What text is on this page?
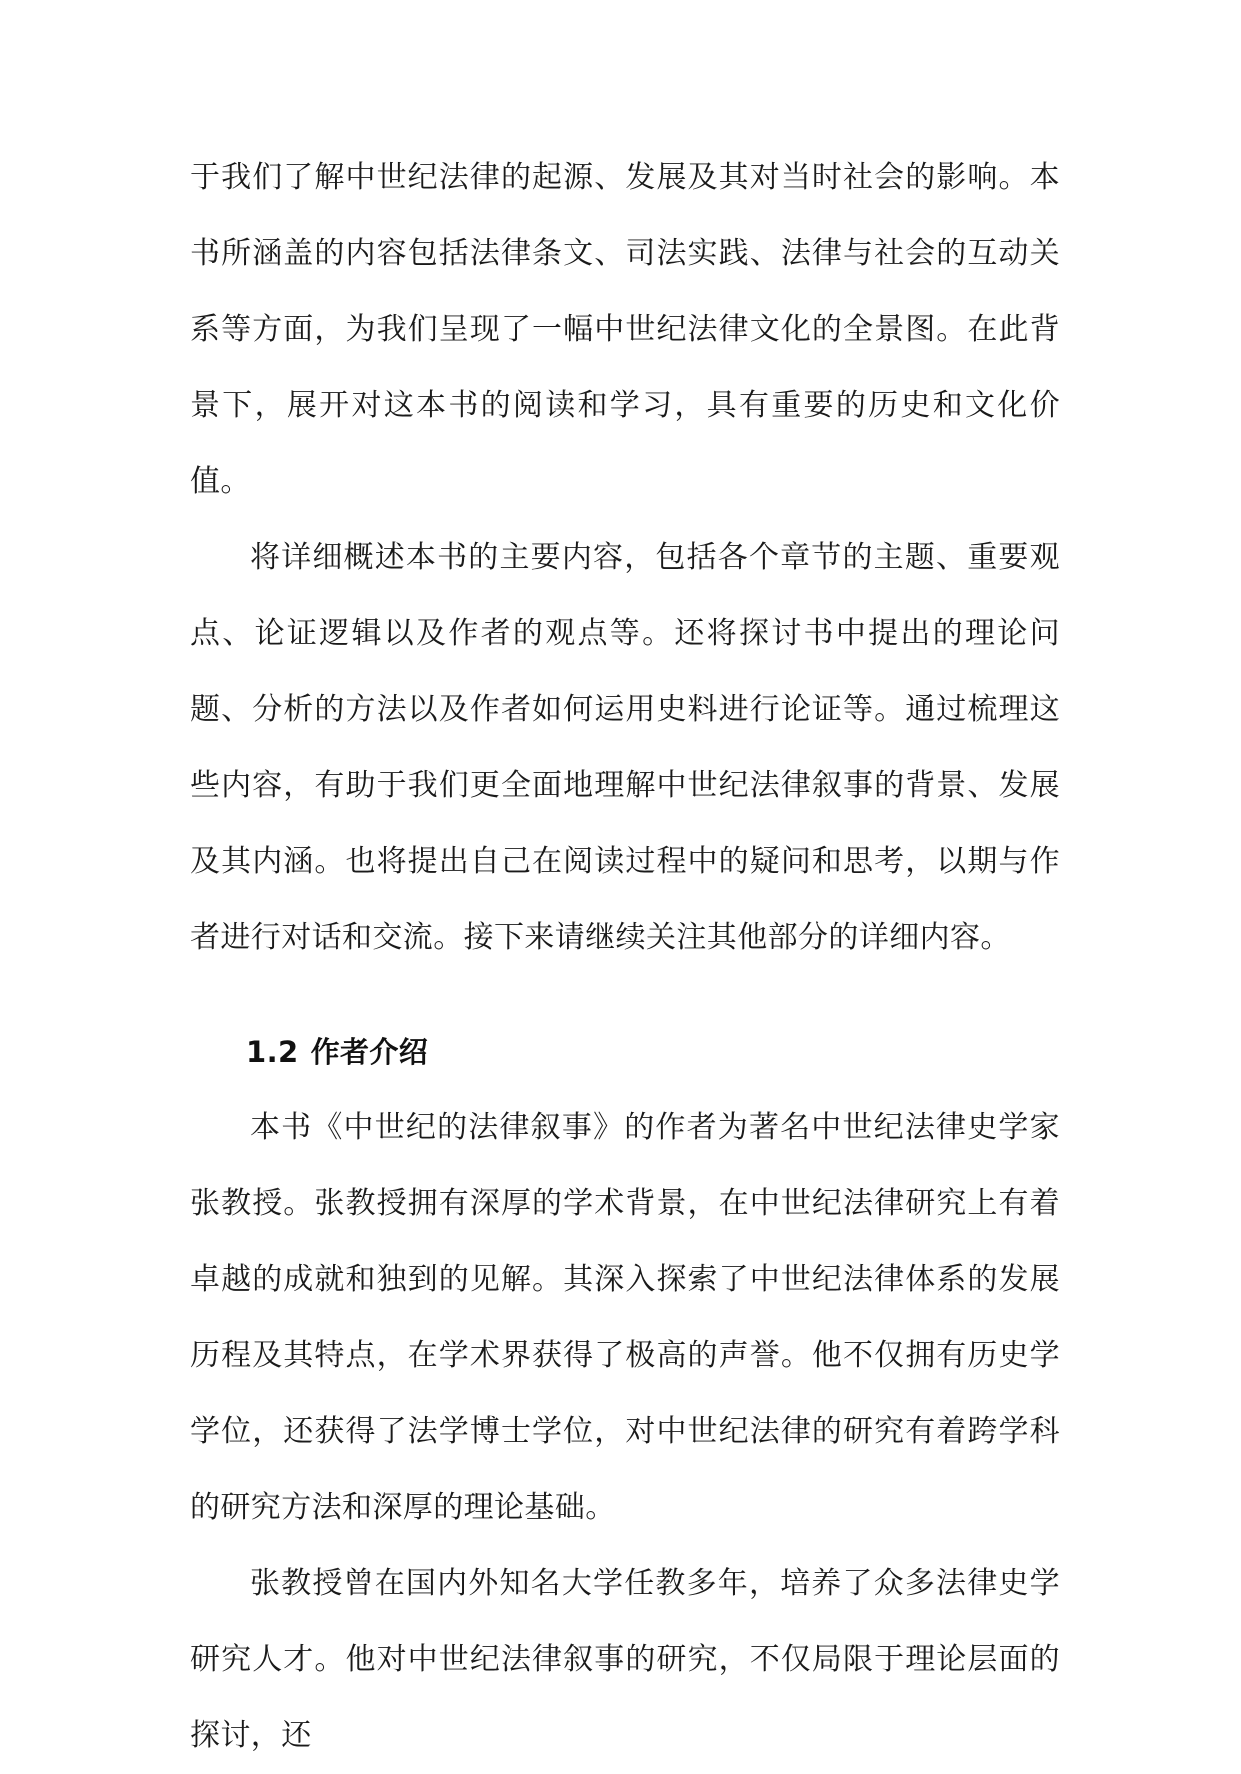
于我们了解中世纪法律的起源、发展及其对当时社会的影响。本书所涵盖的内容包括法律条文、司法实践、法律与社会的互动关系等方面，为我们呈现了一幅中世纪法律文化的全景图。在此背景下，展开对这本书的阅读和学习，具有重要的历史和文化价值。

将详细概述本书的主要内容，包括各个章节的主题、重要观点、论证逻辑以及作者的观点等。还将探讨书中提出的理论问题、分析的方法以及作者如何运用史料进行论证等。通过梳理这些内容，有助于我们更全面地理解中世纪法律叙事的背景、发展及其内涵。也将提出自己在阅读过程中的疑问和思考，以期与作者进行对话和交流。接下来请继续关注其他部分的详细内容。

1.2 作者介绍

本书《中世纪的法律叙事》的作者为著名中世纪法律史学家张教授。张教授拥有深厚的学术背景，在中世纪法律研究上有着卓越的成就和独到的见解。其深入探索了中世纪法律体系的发展历程及其特点，在学术界获得了极高的声誉。他不仅拥有历史学学位，还获得了法学博士学位，对中世纪法律的研究有着跨学科的研究方法和深厚的理论基础。

张教授曾在国内外知名大学任教多年，培养了众多法律史学研究人才。他对中世纪法律叙事的研究，不仅局限于理论层面的探讨，还
